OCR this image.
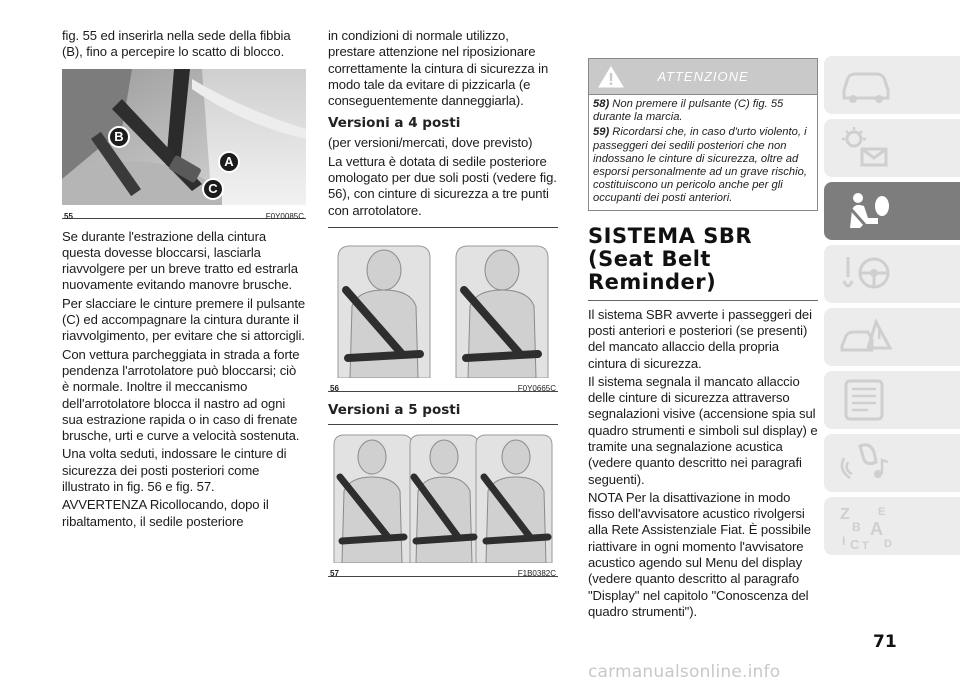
fig. 55 ed inserirla nella sede della fibbia (B), fino a percepire lo scatto di blocco.

B
A
C
55	F0Y0085C

Se durante l'estrazione della cintura questa dovesse bloccarsi, lasciarla riavvolgere per un breve tratto ed estrarla nuovamente evitando manovre brusche.

Per slacciare le cinture premere il pulsante (C) ed accompagnare la cintura durante il riavvolgimento, per evitare che si attorcigli.

Con vettura parcheggiata in strada a forte pendenza l'arrotolatore può bloccarsi; ciò è normale. Inoltre il meccanismo dell'arrotolatore blocca il nastro ad ogni sua estrazione rapida o in caso di frenate brusche, urti e curve a velocità sostenuta.

Una volta seduti, indossare le cinture di sicurezza dei posti posteriori come illustrato in fig. 56 e fig. 57.

AVVERTENZA Ricollocando, dopo il ribaltamento, il sedile posteriore

in condizioni di normale utilizzo, prestare attenzione nel riposizionare correttamente la cintura di sicurezza in modo tale da evitare di pizzicarla (e conseguentemente danneggiarla).

Versioni a 4 posti

(per versioni/mercati, dove previsto)

La vettura è dotata di sedile posteriore omologato per due soli posti (vedere fig. 56), con cinture di sicurezza a tre punti con arrotolatore.

56	F0Y0665C
Versioni a 5 posti
57	F1B0382C
ATTENZIONE
58) Non premere il pulsante (C) fig. 55 durante la marcia.
59) Ricordarsi che, in caso d'urto violento, i passeggeri dei sedili posteriori che non indossano le cinture di sicurezza, oltre ad esporsi personalmente ad un grave rischio, costituiscono un pericolo anche per gli occupanti dei posti anteriori.
SISTEMA SBR (Seat Belt Reminder)

Il sistema SBR avverte i passeggeri dei posti anteriori e posteriori (se presenti) del mancato allaccio della propria cintura di sicurezza.

Il sistema segnala il mancato allaccio delle cinture di sicurezza attraverso segnalazioni visive (accensione spia sul quadro strumenti e simboli sul display) e tramite una segnalazione acustica (vedere quanto descritto nei paragrafi seguenti).

NOTA Per la disattivazione in modo fisso dell'avvisatore acustico rivolgersi alla Rete Assistenziale Fiat. È possibile riattivare in ogni momento l'avvisatore acustico agendo sul Menu del display (vedere quanto descritto al paragrafo "Display" nel capitolo "Conoscenza del quadro strumenti").

Z	E
B A
I C T D
71
carmanualsonline.info
